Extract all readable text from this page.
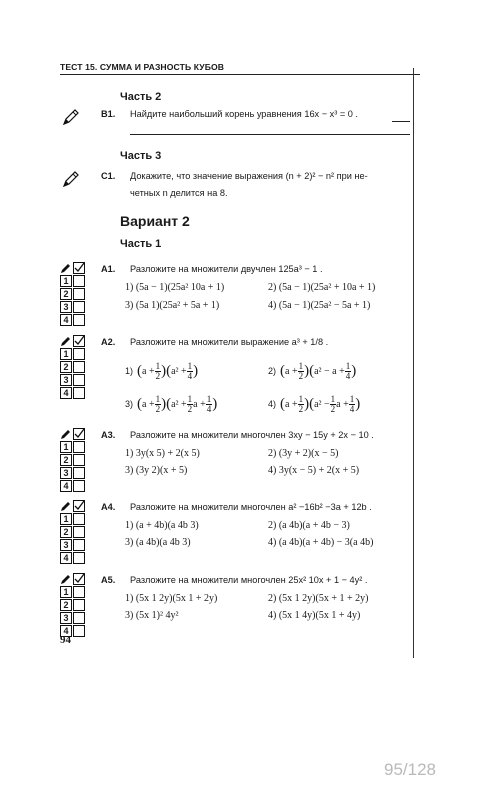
ТЕСТ 15. СУММА И РАЗНОСТЬ КУБОВ
Часть 2
B1. Найдите наибольший корень уравнения 16x − x³ = 0 .
Часть 3
C1. Докажите, что значение выражения (n + 2)² − n² при не-
четных n делится на 8.
Вариант 2
Часть 1
1
2
3
4
A1. Разложите на множители двучлен 125a³ − 1 .
1) (5a − 1)(25a² 10a + 1)	2) (5a − 1)(25a² + 10a + 1)
3) (5a 1)(25a² + 5a + 1)	4) (5a − 1)(25a² − 5a + 1)
1
2
3
4
A2. Разложите на множители выражение a³ + 1/8 .
1) $(a + \frac{1}{2} )(a^2 + \frac{1}{4}$ )	2) $(a + \frac{1}{2} )(a^2 - a + \frac{1}{4}$ )
3) $(a + \frac{1}{2} )(a^2 + \frac{1}{2}$ $a + \frac{1}{4}$ )	4) $(a + \frac{1}{2} )(a^2 - \frac{1}{2}$ $a + \frac{1}{4}$ )
1
2
3
4
A3. Разложите на множители многочлен 3xy − 15y + 2x − 10 .
1) 3y(x 5) + 2(x 5)	2) (3y + 2)(x − 5)
3) (3y 2)(x + 5)	4) 3y(x − 5) + 2(x + 5)
1
2
3
4
A4. Разложите на множители многочлен a² −16b² −3a + 12b .
1) (a + 4b)(a 4b 3)	2) (a 4b)(a + 4b − 3)
3) (a 4b)(a 4b 3)	4) (a 4b)(a + 4b) − 3(a 4b)
1
2
3
4
A5. Разложите на множители многочлен 25x² 10x + 1 − 4y² .
1) (5x 1 2y)(5x 1 + 2y)	2) (5x 1 2y)(5x + 1 + 2y)
3) (5x 1)² 4y²	4) (5x 1 4y)(5x 1 + 4y)
94
95/128
